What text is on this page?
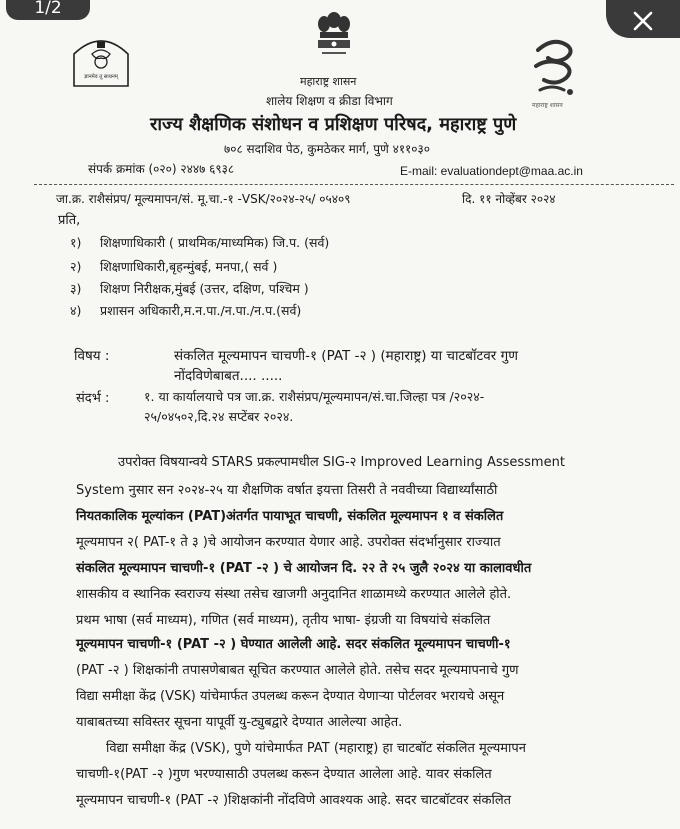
1/2
ज्ञानमेव तू साधनम्
महाराष्ट्र शासन
महाराष्ट्र शासन
शालेय शिक्षण व क्रीडा विभाग
राज्य शैक्षणिक संशोधन व प्रशिक्षण परिषद, महाराष्ट्र पुणे
७०८ सदाशिव पेठ, कुमठेकर मार्ग, पुणे ४११०३०
संपर्क क्रमांक (०२०) २४४७ ६९३८	E-mail: evaluationdept@maa.ac.in
जा.क्र. राशैसंप्रप/ मूल्यमापन/सं. मू.चा.-१ -VSK/२०२४-२५/ ०५४०९	दि. ११ नोव्हेंबर २०२४
प्रति,
१) शिक्षणाधिकारी ( प्राथमिक/माध्यमिक) जि.प. (सर्व)
२) शिक्षणाधिकारी,बृहन्मुंबई, मनपा,( सर्व )
३) शिक्षण निरीक्षक,मुंबई (उत्तर, दक्षिण, पश्चिम )
४) प्रशासन अधिकारी,म.न.पा./न.पा./न.प.(सर्व)
विषय :	संकलित मूल्यमापन चाचणी-१ (PAT -२ ) (महाराष्ट्र) या चाटबॉटवर गुण
नोंदविणेबाबत.... .....
संदर्भ :	१. या कार्यालयाचे पत्र जा.क्र. राशैसंप्रप/मूल्यमापन/सं.चा.जिल्हा पत्र /२०२४-
२५/०४५०२,दि.२४ सप्टेंबर २०२४.
उपरोक्त विषयान्वये STARS प्रकल्पामधील SIG-२ Improved Learning Assessment
System नुसार सन २०२४-२५ या शैक्षणिक वर्षात इयत्ता तिसरी ते नववीच्या विद्यार्थ्यांसाठी
नियतकालिक मूल्यांकन (PAT)अंतर्गत पायाभूत चाचणी, संकलित मूल्यमापन १ व संकलित
मूल्यमापन २( PAT-१ ते ३ )चे आयोजन करण्यात येणार आहे. उपरोक्त संदर्भानुसार राज्यात
संकलित मूल्यमापन चाचणी-१ (PAT -२ ) चे आयोजन दि. २२ ते २५ जुलै २०२४ या कालावधीत
शासकीय व स्थानिक स्वराज्य संस्था तसेच खाजगी अनुदानित शाळामध्ये करण्यात आलेले होते.
प्रथम भाषा (सर्व माध्यम), गणित (सर्व माध्यम), तृतीय भाषा- इंग्रजी या विषयांचे संकलित
मूल्यमापन चाचणी-१ (PAT -२ ) घेण्यात आलेली आहे. सदर संकलित मूल्यमापन चाचणी-१
(PAT -२ ) शिक्षकांनी तपासणेबाबत सूचित करण्यात आलेले होते. तसेच सदर मूल्यमापनाचे गुण
विद्या समीक्षा केंद्र (VSK) यांचेमार्फत उपलब्ध करून देण्यात येणाऱ्या पोर्टलवर भरायचे असून
याबाबतच्या सविस्तर सूचना यापूर्वी यु-ट्युबद्वारे देण्यात आलेल्या आहेत.
विद्या समीक्षा केंद्र (VSK), पुणे यांचेमार्फत PAT (महाराष्ट्र) हा चाटबॉट संकलित मूल्यमापन
चाचणी-१(PAT -२ )गुण भरण्यासाठी उपलब्ध करून देण्यात आलेला आहे. यावर संकलित
मूल्यमापन चाचणी-१ (PAT -२ )शिक्षकांनी नोंदविणे आवश्यक आहे. सदर चाटबॉटवर संकलित
